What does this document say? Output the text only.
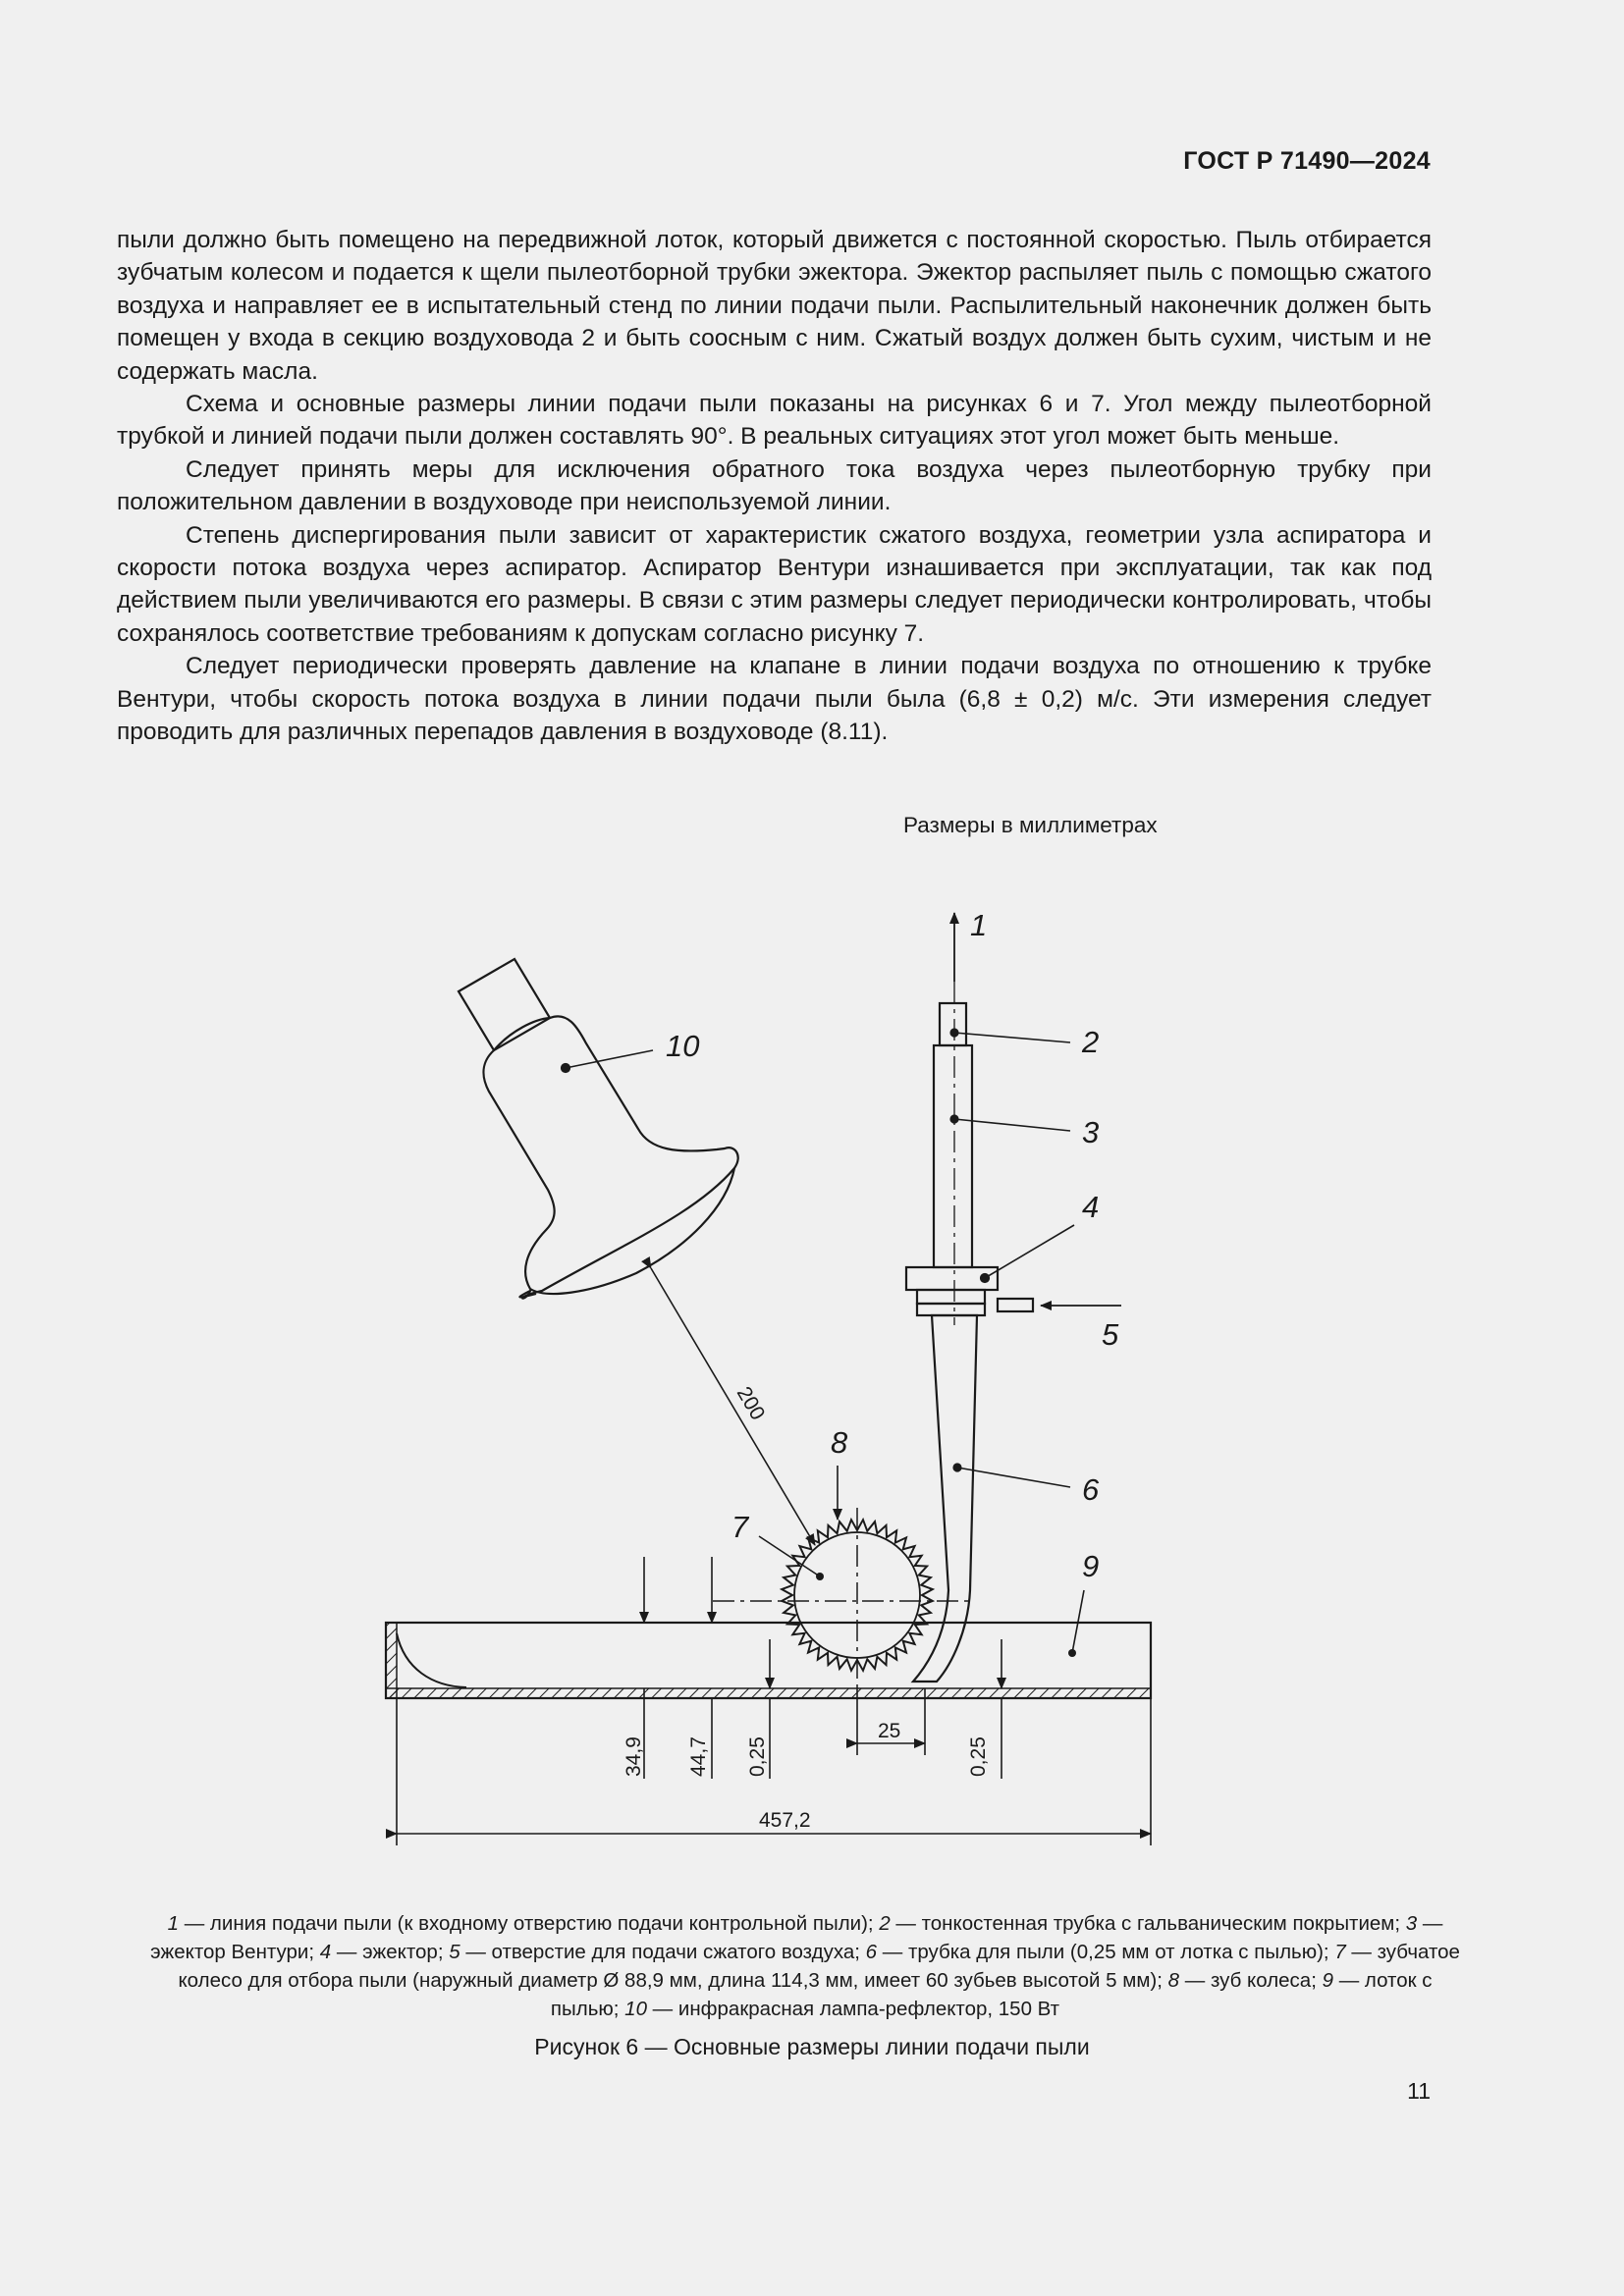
ГОСТ Р 71490—2024

пыли должно быть помещено на передвижной лоток, который движется с постоянной скоростью. Пыль отбирается зубчатым колесом и подается к щели пылеотборной трубки эжектора. Эжектор распыляет пыль с помощью сжатого воздуха и направляет ее в испытательный стенд по линии подачи пыли. Распылительный наконечник должен быть помещен у входа в секцию воздуховода 2 и быть соосным с ним. Сжатый воздух должен быть сухим, чистым и не содержать масла.

Схема и основные размеры линии подачи пыли показаны на рисунках 6 и 7. Угол между пылеотборной трубкой и линией подачи пыли должен составлять 90°. В реальных ситуациях этот угол может быть меньше.

Следует принять меры для исключения обратного тока воздуха через пылеотборную трубку при положительном давлении в воздуховоде при неиспользуемой линии.

Степень диспергирования пыли зависит от характеристик сжатого воздуха, геометрии узла аспиратора и скорости потока воздуха через аспиратор. Аспиратор Вентури изнашивается при эксплуатации, так как под действием пыли увеличиваются его размеры. В связи с этим размеры следует периодически контролировать, чтобы сохранялось соответствие требованиям к допускам согласно рисунку 7.

Следует периодически проверять давление на клапане в линии подачи воздуха по отношению к трубке Вентури, чтобы скорость потока воздуха в линии подачи пыли была (6,8 ± 0,2) м/с. Эти измерения следует проводить для различных перепадов давления в воздуховоде (8.11).

Размеры в миллиметрах
200
34,9 44,7 0,25
25
0,25
457,2
1
2
3
4
5
6
7
8
9
10
1 — линия подачи пыли (к входному отверстию подачи контрольной пыли); 2 — тонкостенная трубка с гальваническим покрытием; 3 — эжектор Вентури; 4 — эжектор; 5 — отверстие для подачи сжатого воздуха; 6 — трубка для пыли (0,25 мм от лотка с пылью); 7 — зубчатое колесо для отбора пыли (наружный диаметр Ø 88,9 мм, длина 114,3 мм, имеет 60 зубьев высотой 5 мм); 8 — зуб колеса; 9 — лоток с пылью; 10 — инфракрасная лампа-рефлектор, 150 Вт
Рисунок 6 — Основные размеры линии подачи пыли
11
